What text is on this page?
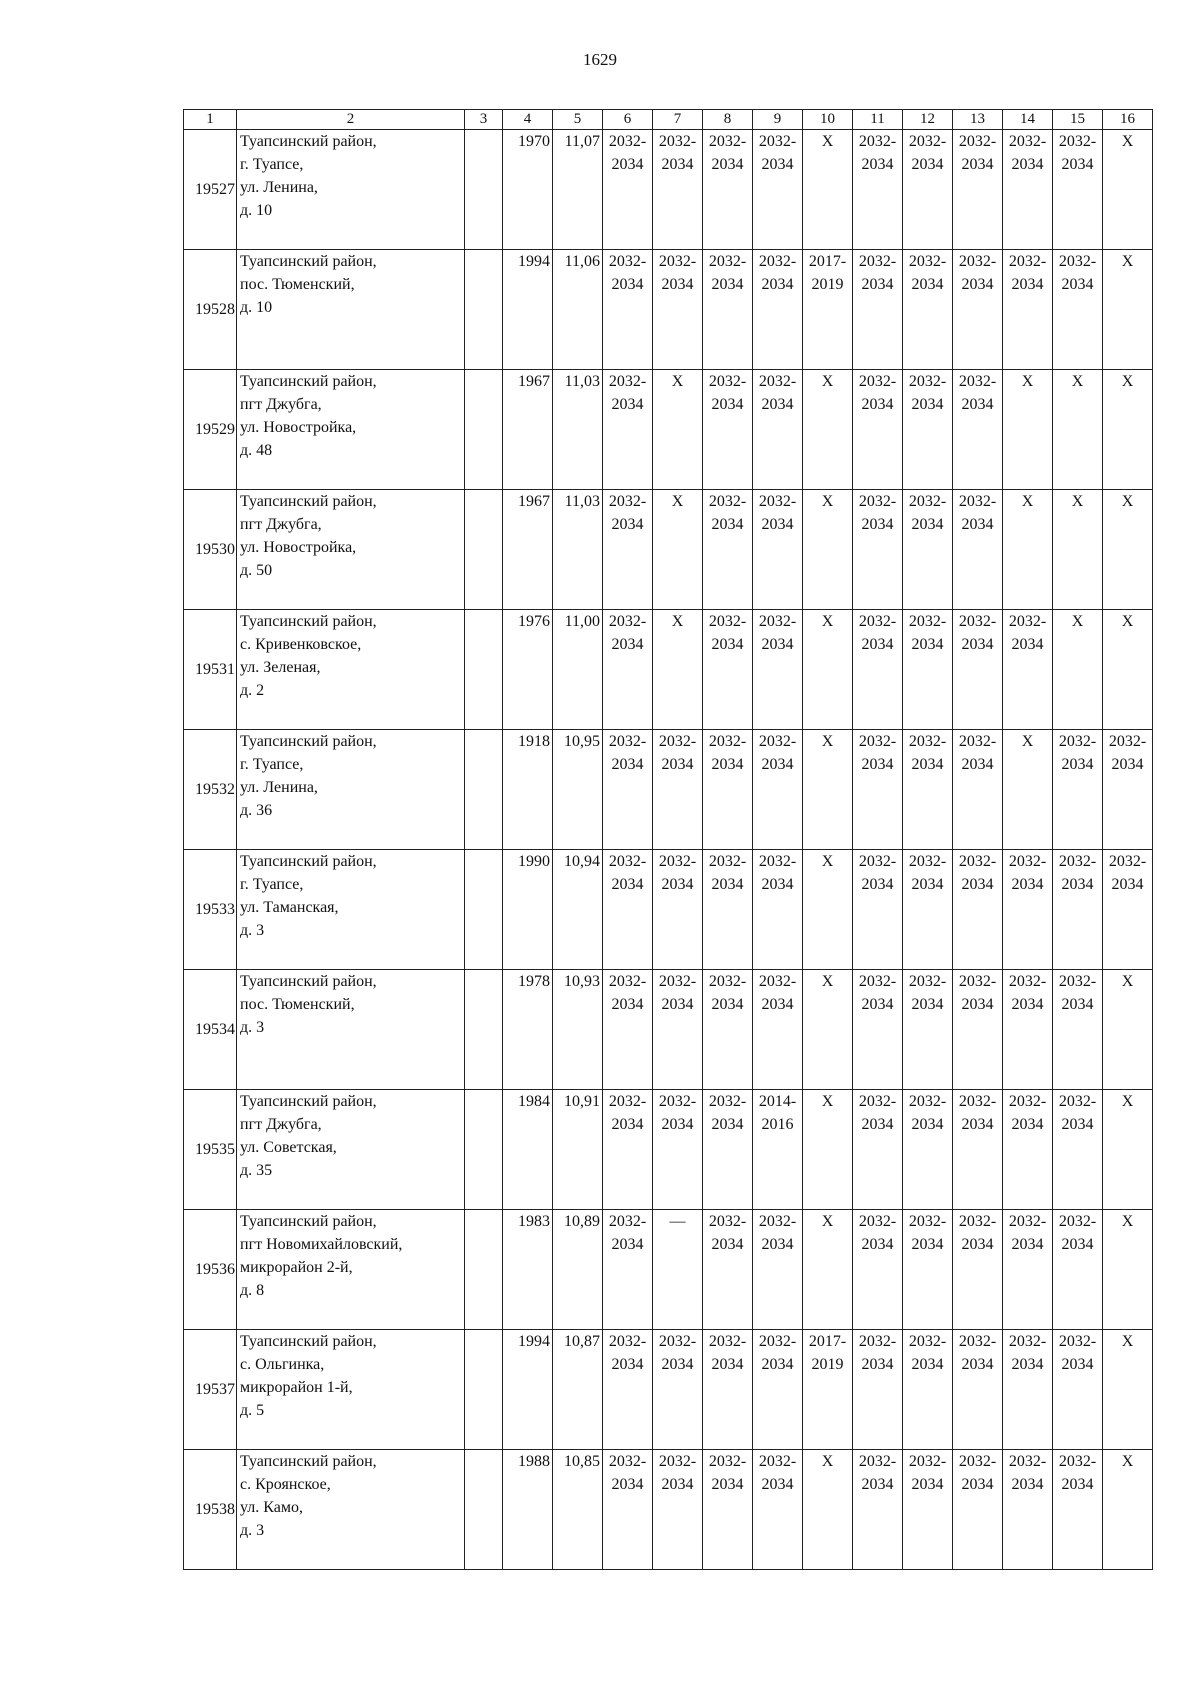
1629
1	2	3	4	5	6	7	8	9	10	11	12	13	14	15	16
19527	Туапсинский район,
г. Туапсе,
ул. Ленина,
д. 10		1970	11,07	2032-
2034	2032-
2034	2032-
2034	2032-
2034	X	2032-
2034	2032-
2034	2032-
2034	2032-
2034	2032-
2034	X
19528	Туапсинский район,
пос. Тюменский,
д. 10		1994	11,06	2032-
2034	2032-
2034	2032-
2034	2032-
2034	2017-
2019	2032-
2034	2032-
2034	2032-
2034	2032-
2034	2032-
2034	X
19529	Туапсинский район,
пгт Джубга,
ул. Новостройка,
д. 48		1967	11,03	2032-
2034	X	2032-
2034	2032-
2034	X	2032-
2034	2032-
2034	2032-
2034	X	X	X
19530	Туапсинский район,
пгт Джубга,
ул. Новостройка,
д. 50		1967	11,03	2032-
2034	X	2032-
2034	2032-
2034	X	2032-
2034	2032-
2034	2032-
2034	X	X	X
19531	Туапсинский район,
с. Кривенковское,
ул. Зеленая,
д. 2		1976	11,00	2032-
2034	X	2032-
2034	2032-
2034	X	2032-
2034	2032-
2034	2032-
2034	2032-
2034	X	X
19532	Туапсинский район,
г. Туапсе,
ул. Ленина,
д. 36		1918	10,95	2032-
2034	2032-
2034	2032-
2034	2032-
2034	X	2032-
2034	2032-
2034	2032-
2034	X	2032-
2034	2032-
2034

19533	Туапсинский район,
г. Туапсе,
ул. Таманская,
д. 3		1990	10,94	2032-
2034	2032-
2034	2032-
2034	2032-
2034	X	2032-
2034	2032-
2034	2032-
2034	2032-
2034	2032-
2034	2032-
2034

19534	Туапсинский район,
пос. Тюменский,
д. 3		1978	10,93	2032-
2034	2032-
2034	2032-
2034	2032-
2034	X	2032-
2034	2032-
2034	2032-
2034	2032-
2034	2032-
2034	X
19535	Туапсинский район,
пгт Джубга,
ул. Советская,
д. 35		1984	10,91	2032-
2034	2032-
2034	2032-
2034	2014-
2016	X	2032-
2034	2032-
2034	2032-
2034	2032-
2034	2032-
2034	X
19536	Туапсинский район,
пгт Новомихайловский,
микрорайон 2-й,
д. 8		1983	10,89	2032-
2034	—	2032-
2034	2032-
2034	X	2032-
2034	2032-
2034	2032-
2034	2032-
2034	2032-
2034	X
19537	Туапсинский район,
с. Ольгинка,
микрорайон 1-й,
д. 5		1994	10,87	2032-
2034	2032-
2034	2032-
2034	2032-
2034	2017-
2019	2032-
2034	2032-
2034	2032-
2034	2032-
2034	2032-
2034	X
19538	Туапсинский район,
с. Кроянское,
ул. Камо,
д. 3		1988	10,85	2032-
2034	2032-
2034	2032-
2034	2032-
2034	X	2032-
2034	2032-
2034	2032-
2034	2032-
2034	2032-
2034	X
